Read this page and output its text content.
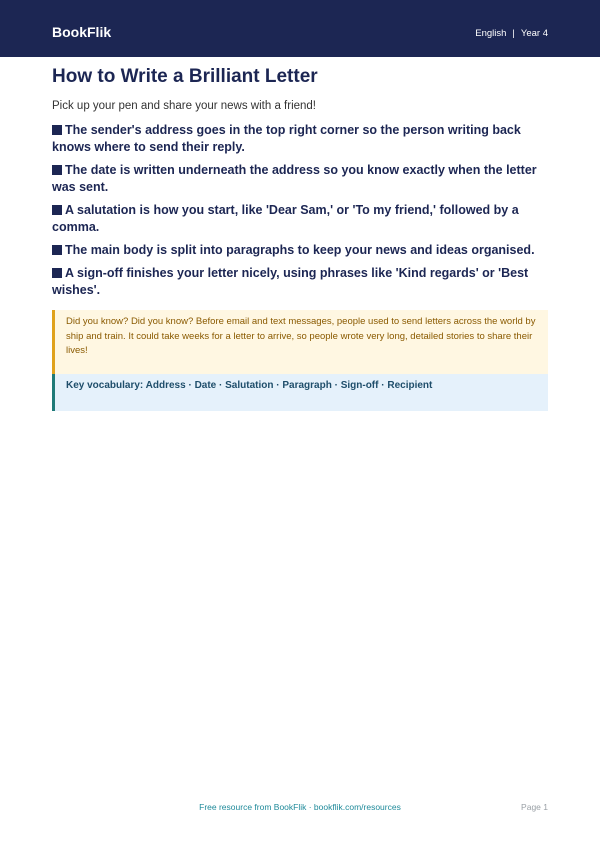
BookFlik	English | Year 4
How to Write a Brilliant Letter

Pick up your pen and share your news with a friend!

The sender's address goes in the top right corner so the person writing back knows where to send their reply.
The date is written underneath the address so you know exactly when the letter was sent.
A salutation is how you start, like 'Dear Sam,' or 'To my friend,' followed by a comma.
The main body is split into paragraphs to keep your news and ideas organised.
A sign-off finishes your letter nicely, using phrases like 'Kind regards' or 'Best wishes'.
Did you know? Did you know? Before email and text messages, people used to send letters across the world by ship and train. It could take weeks for a letter to arrive, so people wrote very long, detailed stories to share their lives!
Key vocabulary: Address · Date · Salutation · Paragraph · Sign-off · Recipient
Free resource from BookFlik · bookflik.com/resources	Page 1
